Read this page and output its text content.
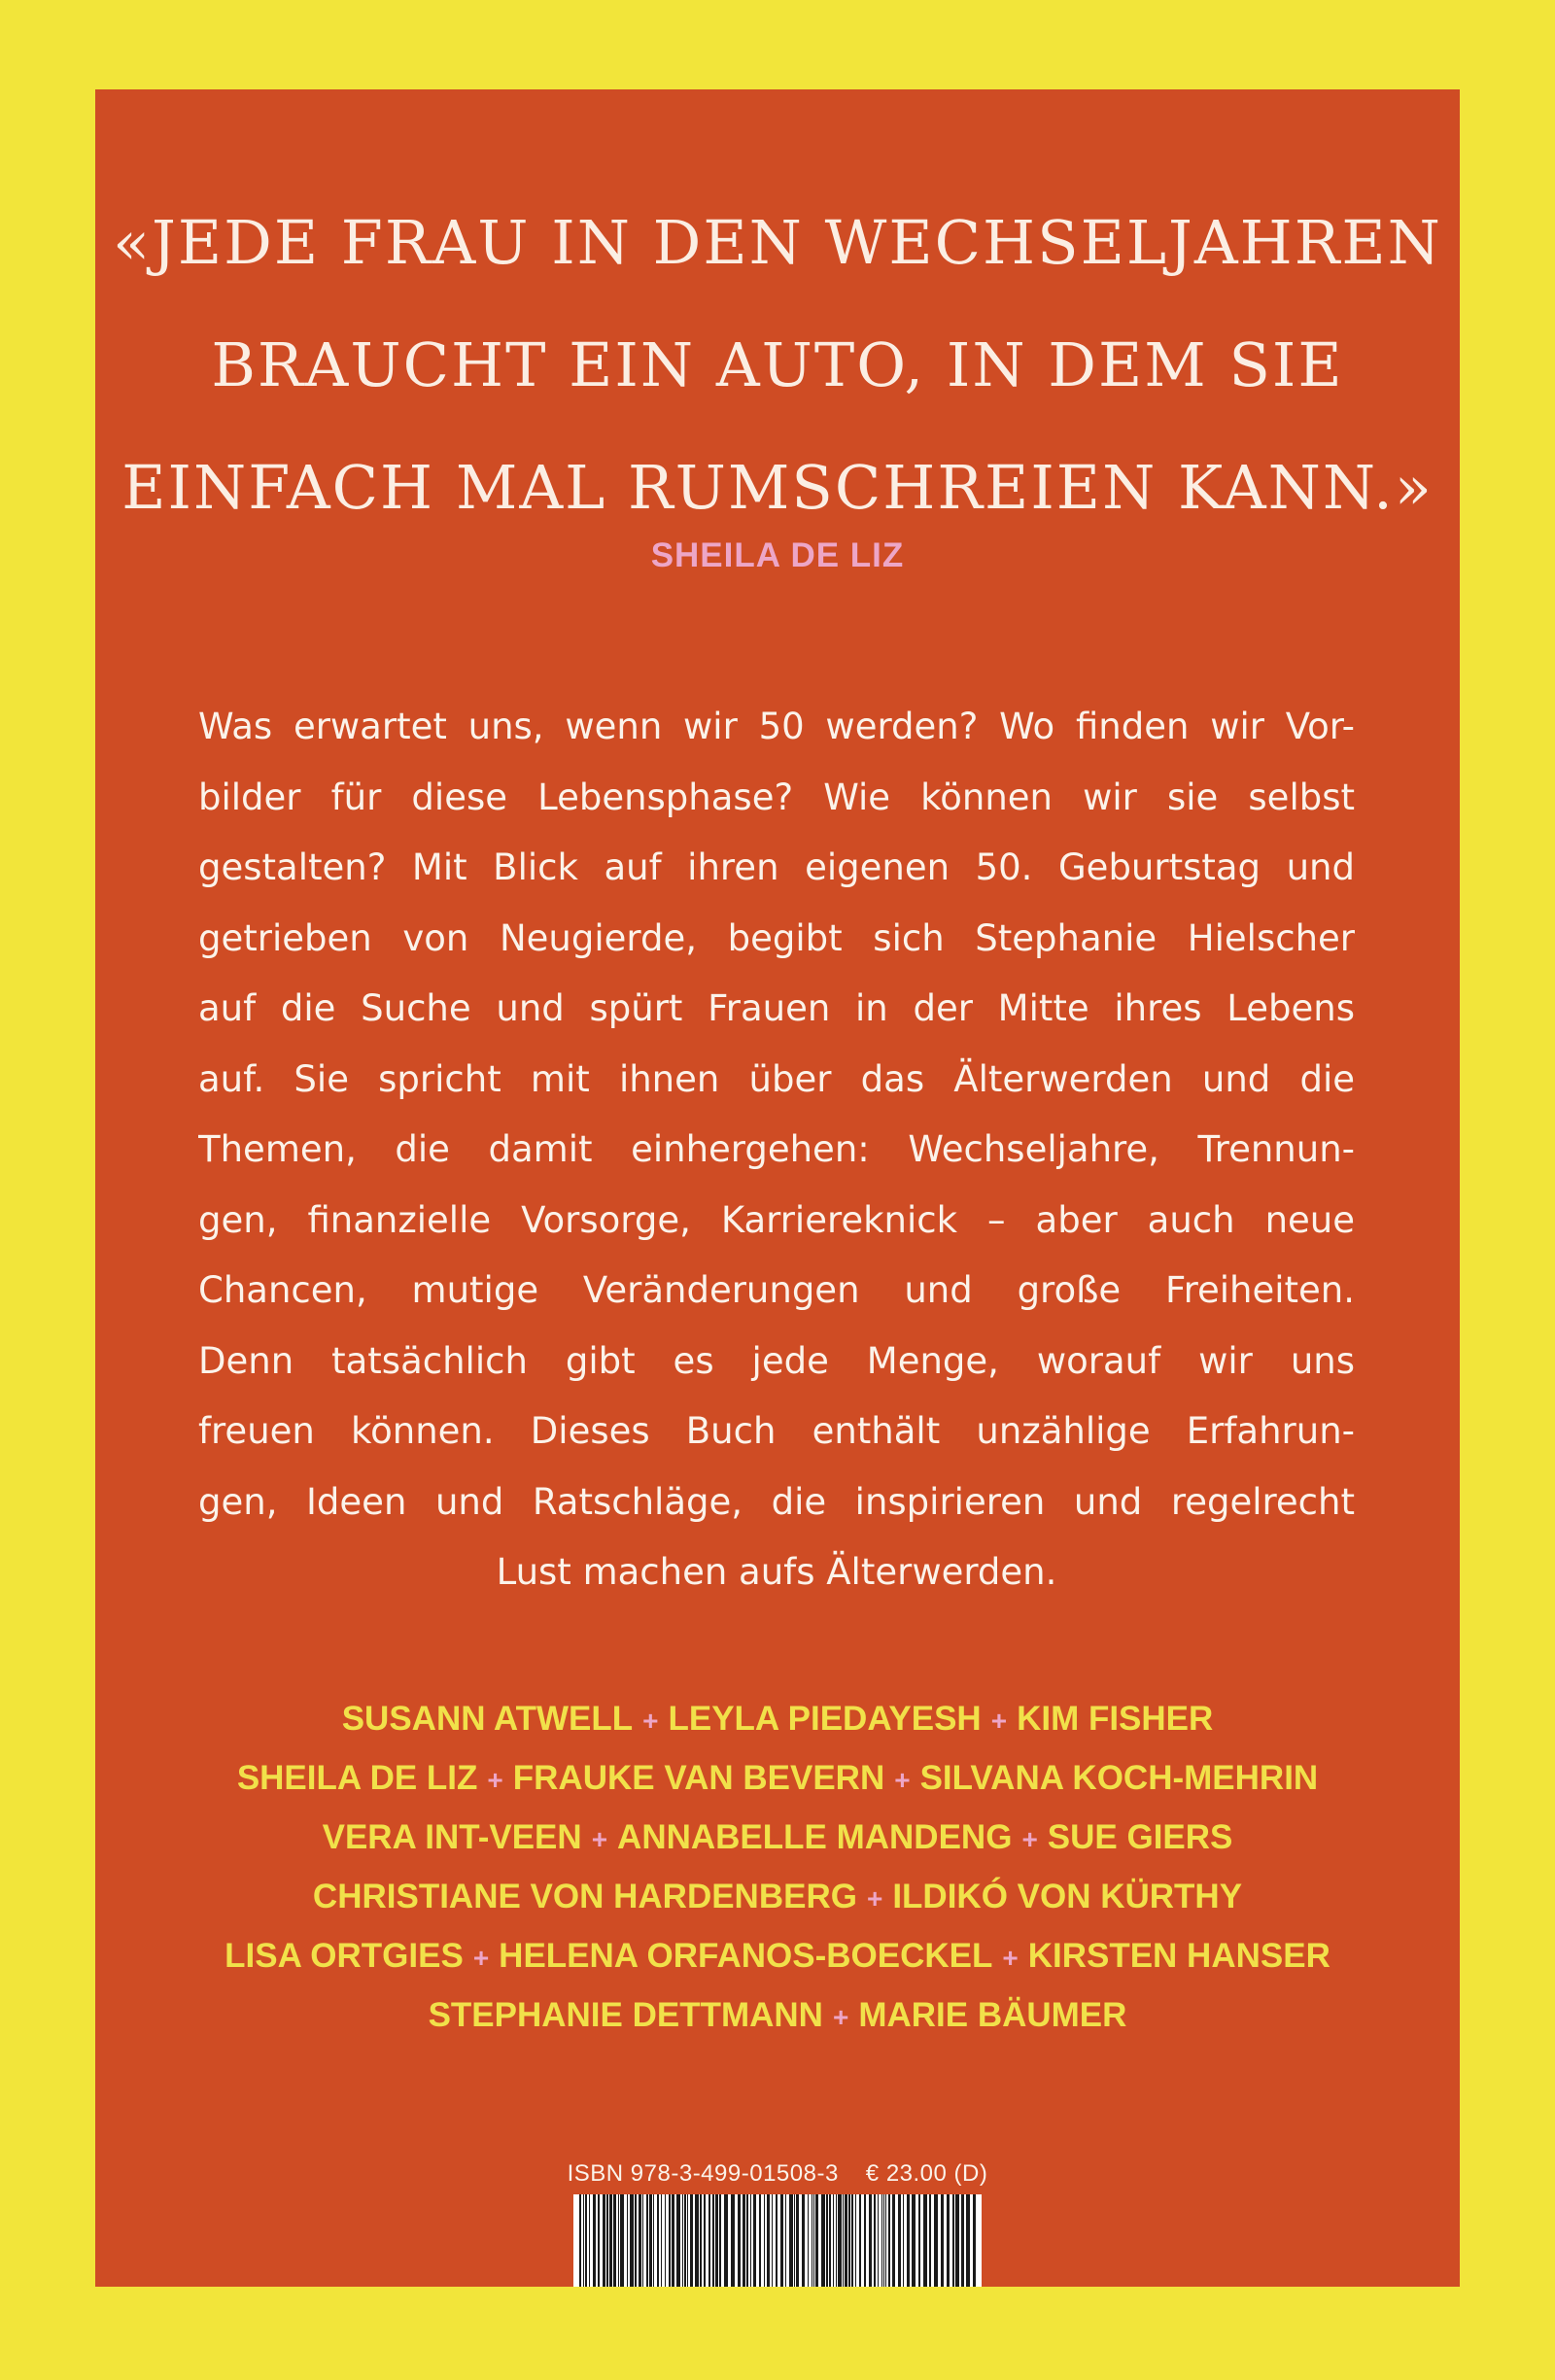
«JEDE FRAU IN DEN WECHSELJAHREN
BRAUCHT EIN AUTO, IN DEM SIE
EINFACH MAL RUMSCHREIEN KANN.»
SHEILA DE LIZ
Was erwartet uns, wenn wir 50 werden? Wo finden wir Vor-
bilder für diese Lebensphase? Wie können wir sie selbst
gestalten? Mit Blick auf ihren eigenen 50. Geburtstag und
getrieben von Neugierde, begibt sich Stephanie Hielscher
auf die Suche und spürt Frauen in der Mitte ihres Lebens
auf. Sie spricht mit ihnen über das Älterwerden und die
Themen, die damit einhergehen: Wechseljahre, Trennun-
gen, finanzielle Vorsorge, Karriereknick – aber auch neue
Chancen, mutige Veränderungen und große Freiheiten.
Denn tatsächlich gibt es jede Menge, worauf wir uns
freuen können. Dieses Buch enthält unzählige Erfahrun-
gen, Ideen und Ratschläge, die inspirieren und regelrecht
Lust machen aufs Älterwerden.
SUSANN ATWELL + LEYLA PIEDAYESH + KIM FISHER
SHEILA DE LIZ + FRAUKE VAN BEVERN + SILVANA KOCH-MEHRIN
VERA INT-VEEN + ANNABELLE MANDENG + SUE GIERS
CHRISTIANE VON HARDENBERG + ILDIKÓ VON KÜRTHY
LISA ORTGIES + HELENA ORFANOS-BOECKEL + KIRSTEN HANSER
STEPHANIE DETTMANN + MARIE BÄUMER
ISBN 978-3-499-01508-3 € 23.00 (D)
